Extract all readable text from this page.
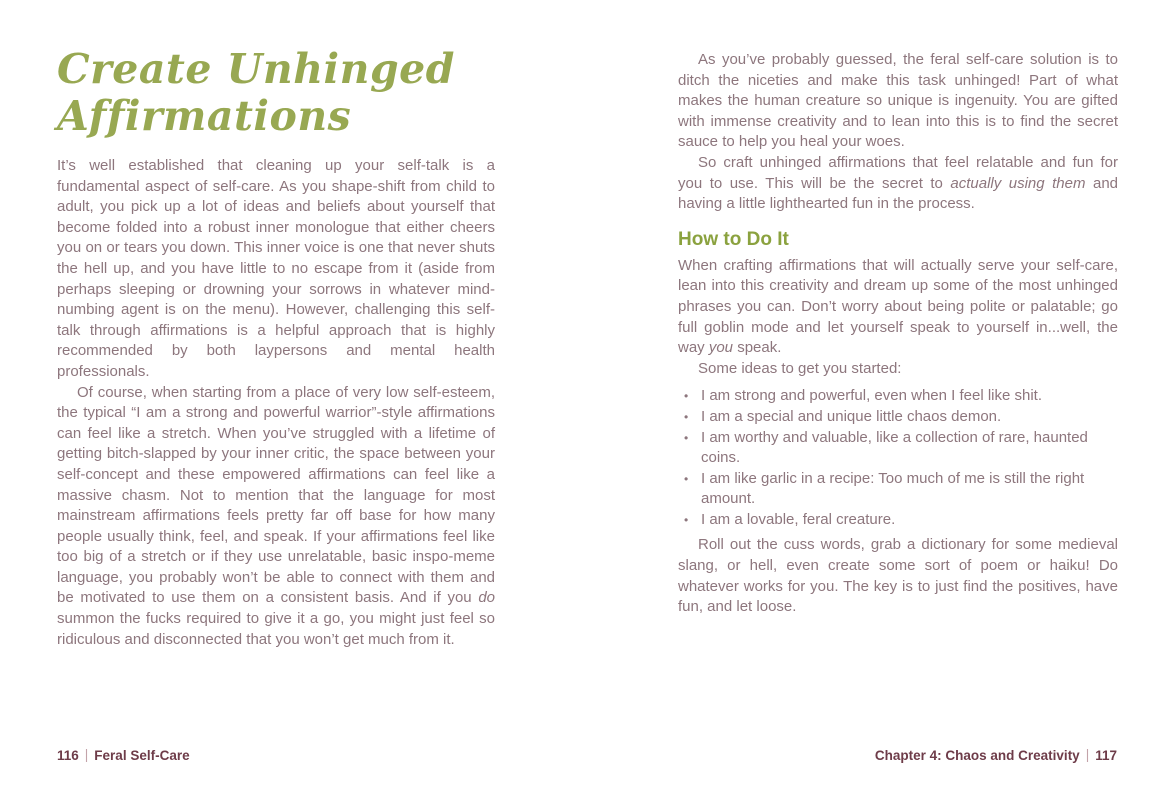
Create Unhinged
Affirmations

It’s well established that cleaning up your self-talk is a fundamental aspect of self-care. As you shape-shift from child to adult, you pick up a lot of ideas and beliefs about yourself that become folded into a robust inner monologue that either cheers you on or tears you down. This inner voice is one that never shuts the hell up, and you have little to no escape from it (aside from perhaps sleeping or drowning your sorrows in whatever mind-numbing agent is on the menu). However, challenging this self-talk through affirmations is a helpful approach that is highly recommended by both laypersons and mental health professionals.

Of course, when starting from a place of very low self-esteem, the typical “I am a strong and powerful warrior”-style affirmations can feel like a stretch. When you’ve struggled with a lifetime of getting bitch-slapped by your inner critic, the space between your self-concept and these empowered affirmations can feel like a massive chasm. Not to mention that the language for most mainstream affirmations feels pretty far off base for how many people usually think, feel, and speak. If your affirmations feel like too big of a stretch or if they use unrelatable, basic inspo-meme language, you probably won’t be able to connect with them and be motivated to use them on a consistent basis. And if you do summon the fucks required to give it a go, you might just feel so ridiculous and disconnected that you won’t get much from it.

As you’ve probably guessed, the feral self-care solution is to ditch the niceties and make this task unhinged! Part of what makes the human creature so unique is ingenuity. You are gifted with immense creativity and to lean into this is to find the secret sauce to help you heal your woes.

So craft unhinged affirmations that feel relatable and fun for you to use. This will be the secret to actually using them and having a little lighthearted fun in the process.

How to Do It

When crafting affirmations that will actually serve your self-care, lean into this creativity and dream up some of the most unhinged phrases you can. Don’t worry about being polite or palatable; go full goblin mode and let yourself speak to yourself in...well, the way you speak.

Some ideas to get you started:

• I am strong and powerful, even when I feel like shit.
• I am a special and unique little chaos demon.
• I am worthy and valuable, like a collection of rare, haunted coins.
• I am like garlic in a recipe: Too much of me is still the right amount.
• I am a lovable, feral creature.

Roll out the cuss words, grab a dictionary for some medieval slang, or hell, even create some sort of poem or haiku! Do whatever works for you. The key is to just find the positives, have fun, and let loose.

116 | Feral Self-Care	Chapter 4: Chaos and Creativity | 117
